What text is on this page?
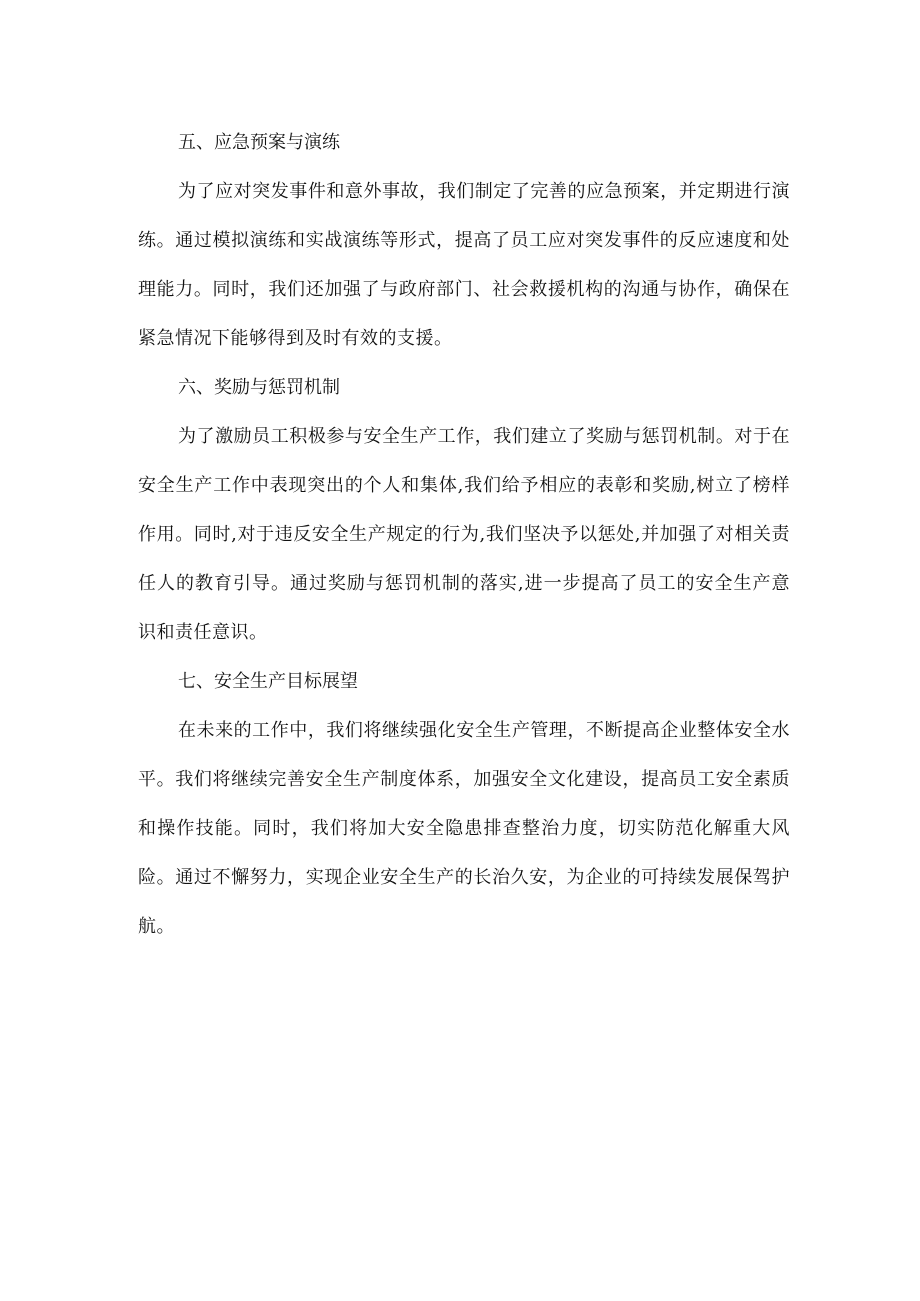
五、应急预案与演练

为了应对突发事件和意外事故，我们制定了完善的应急预案，并定期进行演练。通过模拟演练和实战演练等形式，提高了员工应对突发事件的反应速度和处理能力。同时，我们还加强了与政府部门、社会救援机构的沟通与协作，确保在紧急情况下能够得到及时有效的支援。

六、奖励与惩罚机制

为了激励员工积极参与安全生产工作，我们建立了奖励与惩罚机制。对于在安全生产工作中表现突出的个人和集体,我们给予相应的表彰和奖励,树立了榜样作用。同时,对于违反安全生产规定的行为,我们坚决予以惩处,并加强了对相关责任人的教育引导。通过奖励与惩罚机制的落实,进一步提高了员工的安全生产意识和责任意识。

七、安全生产目标展望

在未来的工作中，我们将继续强化安全生产管理，不断提高企业整体安全水平。我们将继续完善安全生产制度体系，加强安全文化建设，提高员工安全素质和操作技能。同时，我们将加大安全隐患排查整治力度，切实防范化解重大风险。通过不懈努力，实现企业安全生产的长治久安，为企业的可持续发展保驾护航。
